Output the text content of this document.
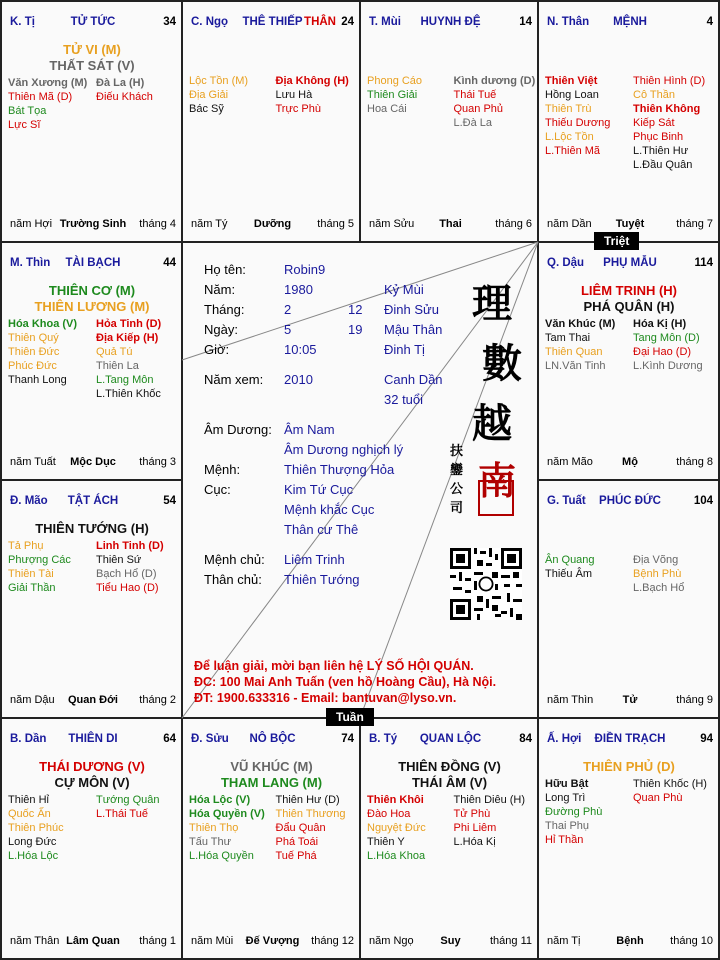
K. Tị	TỬ TỨC	34
TỬ VI (M)
THẤT SÁT (V)
Văn Xương (M)
Thiên Mã (D)
Bát Tọa
Lực Sĩ
Đà La (H)
Điếu Khách
năm Hợi Trường Sinh	tháng 4
C. Ngọ	THÊ THIẾP THÂN 24
Lộc Tồn (M)
Địa Giải
Bác Sỹ
Địa Không (H)
Lưu Hà
Trực Phù
năm Tý	Dưỡng	tháng 5
T. Mùi	HUYNH ĐỆ	14
Phong Cáo
Thiên Giải
Hoa Cái
Kình dương (D)
Thái Tuế
Quan Phủ
L.Đà La
năm Sửu	Thai	tháng 6
N. Thân	MỆNH	4
Thiên Việt
Hồng Loan
Thiên Trù
Thiếu Dương
L.Lộc Tồn
L.Thiên Mã
Thiên Hình (D)
Cô Thần
Thiên Không
Kiếp Sát
Phục Binh
L.Thiên Hư
L.Đầu Quân
năm Dần	Tuyệt	tháng 7
M. Thìn	TÀI BẠCH	44
THIÊN CƠ (M)
THIÊN LƯƠNG (M)
Hóa Khoa (V)
Thiên Quý
Thiên Đức
Phúc Đức
Thanh Long
Hỏa Tinh (D)
Địa Kiếp (H)
Quả Tú
Thiên La
L.Tang Môn
L.Thiên Khốc
năm Tuất	Mộc Dục	tháng 3
Q. Dậu	PHỤ MẪU	114
LIÊM TRINH (H)
PHÁ QUÂN (H)
Văn Khúc (M)
Tam Thai
Thiên Quan
LN.Văn Tinh
Hóa Kị (H)
Tang Môn (D)
Đại Hao (D)
L.Kình Dương
năm Mão	Mộ	tháng 8
Đ. Mão	TẬT ÁCH	54
THIÊN TƯỚNG (H)
Tả Phụ
Phượng Các
Thiên Tài
Giải Thần
Linh Tinh (D)
Thiên Sứ
Bạch Hổ (D)
Tiểu Hao (D)
năm Dậu	Quan Đới	tháng 2
G. Tuất	PHÚC ĐỨC	104
Ân Quang
Thiếu Âm
Địa Võng
Bệnh Phù
L.Bạch Hổ
năm Thìn	Tử	tháng 9
B. Dần	THIÊN DI	64
THÁI DƯƠNG (V)
CỰ MÔN (V)
Thiên Hỉ
Quốc Ấn
Thiên Phúc
Long Đức
L.Hóa Lộc
Tướng Quân
L.Thái Tuế
năm Thân Lâm Quan	tháng 1
Đ. Sửu	NÔ BỘC	74
VŨ KHÚC (M)
THAM LANG (M)
Hóa Lộc (V)
Hóa Quyền (V)
Thiên Thọ
Tấu Thư
L.Hóa Quyền
Thiên Hư (D)
Thiên Thương
Đẩu Quân
Phá Toái
Tuế Phá
năm Mùi	Đế Vượng	tháng 12
B. Tý	QUAN LỘC	84
THIÊN ĐỒNG (V)
THÁI ÂM (V)
Thiên Khôi
Đào Hoa
Nguyệt Đức
Thiên Y
L.Hóa Khoa
Thiên Diêu (H)
Tử Phù
Phi Liêm
L.Hóa Kị
năm Ngọ	Suy	tháng 11
Ấ. Hợi	ĐIỀN TRẠCH	94
THIÊN PHỦ (D)
Hữu Bật
Long Trì
Đường Phù
Thai Phụ
Hỉ Thần
Thiên Khốc (H)
Quan Phù
năm Tị	Bệnh	tháng 10
Triệt
Tuần
Họ tên:	Robin9
Năm:	1980	Kỷ Mùi
Tháng:	2	12 Đinh Sửu
Ngày:	5	19 Mậu Thân
Giờ:	10:05	Đinh Tị
Năm xem: 2010	Canh Dần
32 tuổi
Âm Dương: Âm Nam
Âm Dương nghịch lý
Mệnh:	Thiên Thượng Hỏa
Cục:	Kim Tứ Cục
Mệnh khắc Cục
Thân cư Thê
Mệnh chủ: Liêm Trinh
Thân chủ: Thiên Tướng
理
數
越
南
扶
鑾
公
司
Để luận giải, mời bạn liên hệ LÝ SỐ HỘI QUÁN.
ĐC: 100 Mai Anh Tuấn (ven hồ Hoàng Cầu), Hà Nội.
ĐT: 1900.633316 - Email: bantuvan@lyso.vn.
